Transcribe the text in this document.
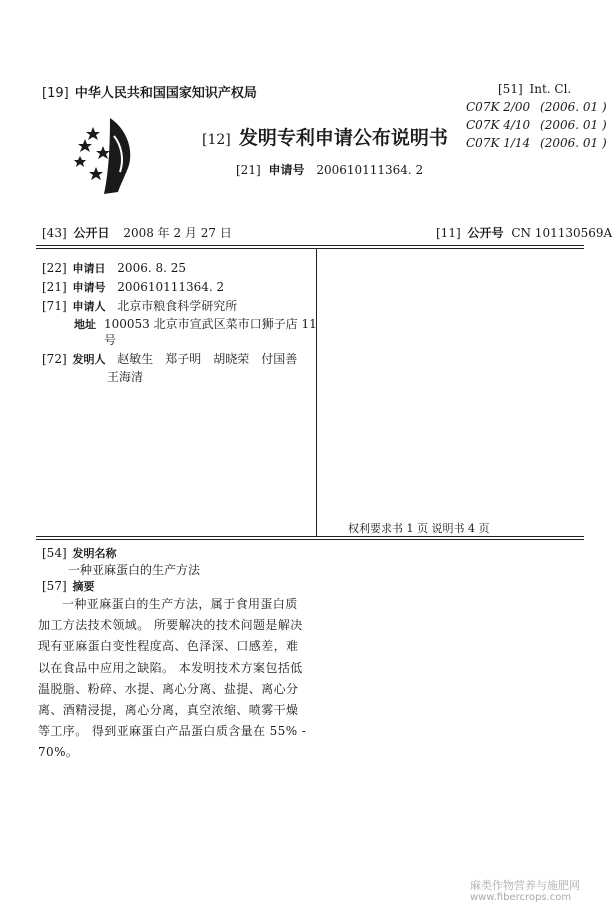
[19] 中华人民共和国国家知识产权局
[12] 发明专利申请公布说明书
[21] 申请号 200610111364. 2
[51] Int. Cl.
C07K 2/00 (2006. 01 )
C07K 4/10 (2006. 01 )
C07K 1/14 (2006. 01 )
[43] 公开日 2008 年 2 月 27 日	[11] 公开号 CN 101130569A
[22] 申请日 2006. 8. 25
[21] 申请号 200610111364. 2
[71] 申请人 北京市粮食科学研究所
地址 100053 北京市宣武区菜市口狮子店 11
号
[72] 发明人 赵敏生　郑子明　胡晓荣　付国善
王海清
权利要求书 1 页 说明书 4 页
[54] 发明名称
一种亚麻蛋白的生产方法
[57] 摘要

一种亚麻蛋白的生产方法，属于食用蛋白质加工方法技术领域。 所要解决的技术问题是解决现有亚麻蛋白变性程度高、色泽深、口感差，难以在食品中应用之缺陷。 本发明技术方案包括低温脱脂、粉碎、水提、离心分离、盐提、离心分离、酒精浸提，离心分离，真空浓缩、喷雾干燥等工序。 得到亚麻蛋白产品蛋白质含量在 55% - 70%。

麻类作物营养与施肥网
www.fibercrops.com
